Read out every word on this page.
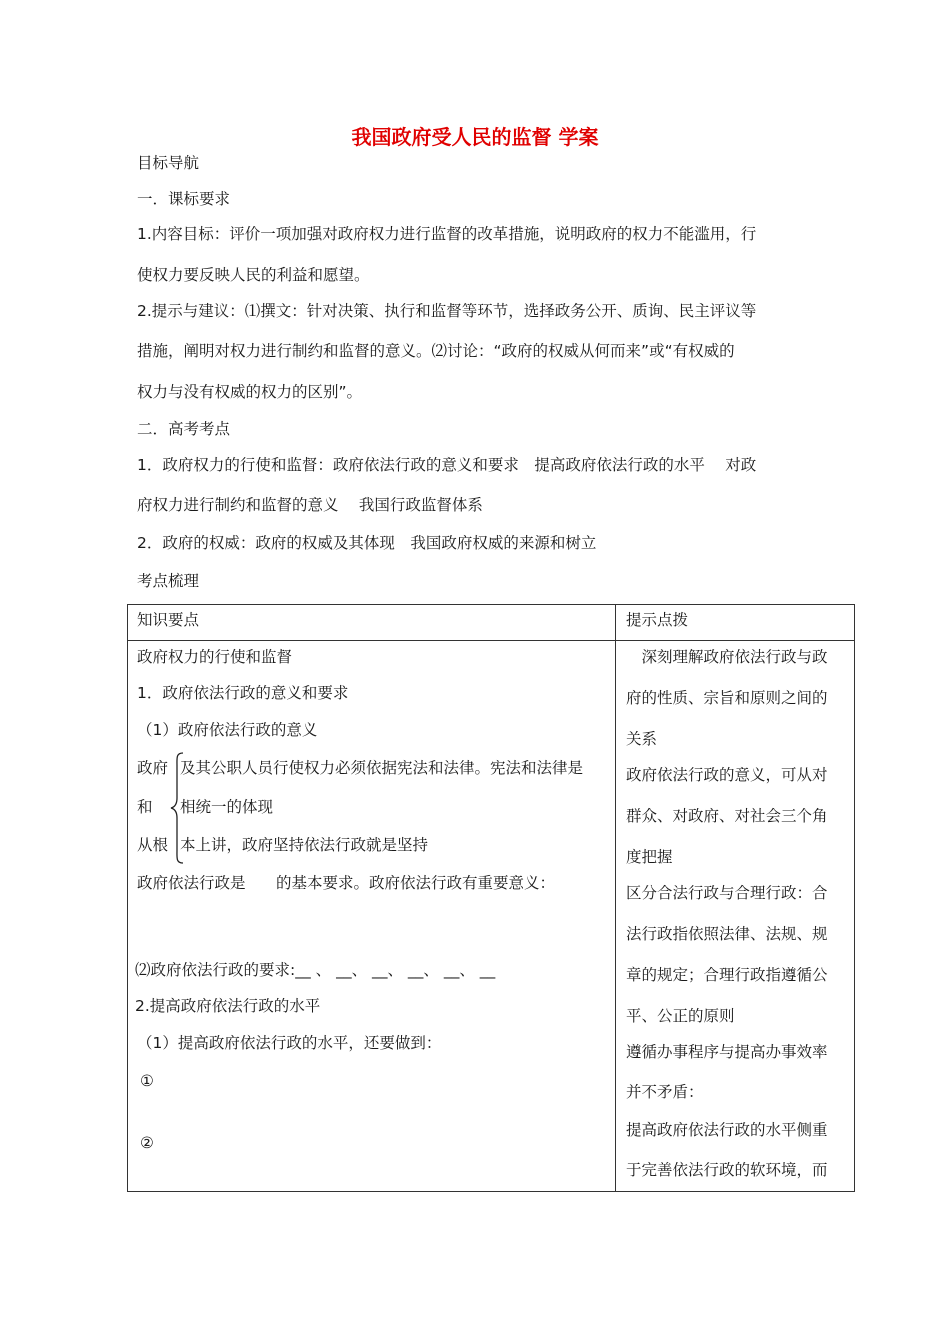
我国政府受人民的监督 学案
目标导航
一．课标要求
1.内容目标：评价一项加强对政府权力进行监督的改革措施，说明政府的权力不能滥用，行
使权力要反映人民的利益和愿望。
2.提示与建议：⑴撰文：针对决策、执行和监督等环节，选择政务公开、质询、民主评议等
措施，阐明对权力进行制约和监督的意义。⑵讨论：“政府的权威从何而来”或“有权威的
权力与没有权威的权力的区别”。
二．高考考点
1．政府权力的行使和监督：政府依法行政的意义和要求　提高政府依法行政的水平　 对政
府权力进行制约和监督的意义　 我国行政监督体系
2．政府的权威：政府的权威及其体现　我国政府权威的来源和树立
考点梳理
知识要点	提示点拨
政府权力的行使和监督
1．政府依法行政的意义和要求
（1）政府依法行政的意义
政府 及其公职人员行使权力必须依据宪法和法律。宪法和法律是
和 相统一的体现
从根 本上讲，政府坚持依法行政就是坚持
政府依法行政是 的基本要求。政府依法行政有重要意义：
⑵政府依法行政的要求:__ 、 __、 __、 __、 __、 __
2.提高政府依法行政的水平
（1）提高政府依法行政的水平，还要做到：
①
②
　深刻理解政府依法行政与政
府的性质、宗旨和原则之间的
关系
政府依法行政的意义，可从对
群众、对政府、对社会三个角
度把握
区分合法行政与合理行政：合
法行政指依照法律、法规、规
章的规定；合理行政指遵循公
平、公正的原则
遵循办事程序与提高办事效率
并不矛盾：
提高政府依法行政的水平侧重
于完善依法行政的软环境，而
